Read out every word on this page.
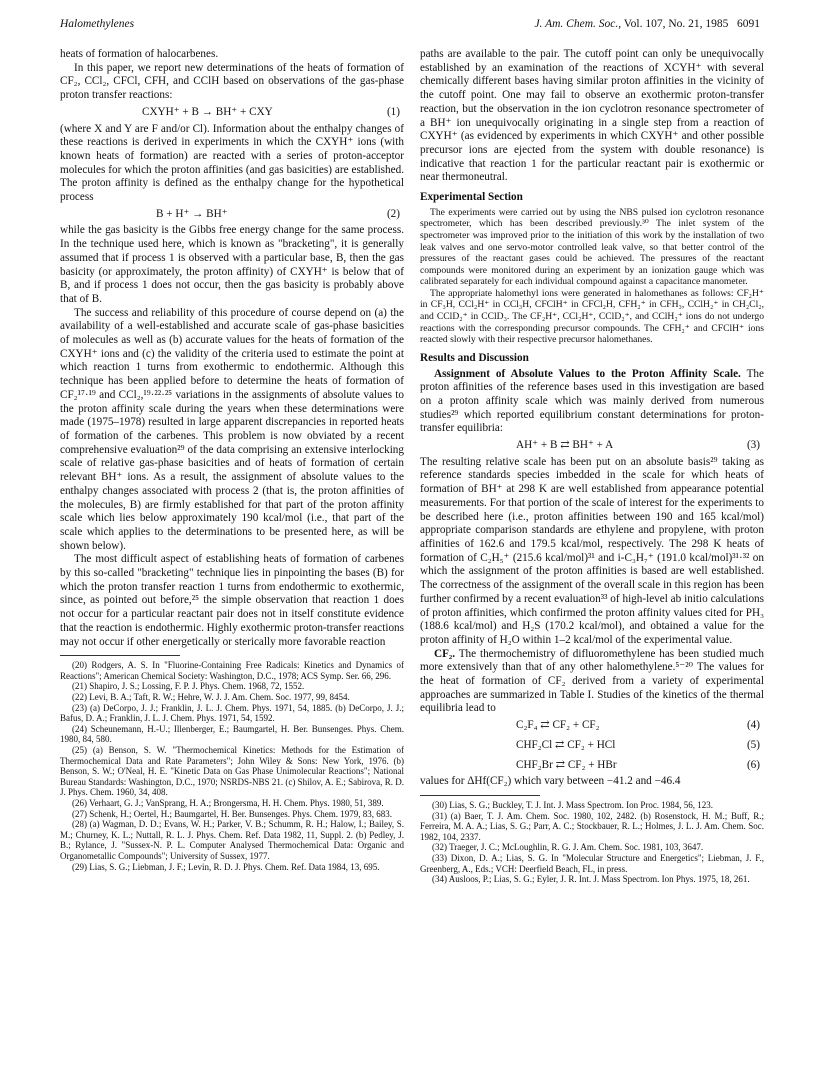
Halomethylenes	J. Am. Chem. Soc., Vol. 107, No. 21, 1985 6091

heats of formation of halocarbenes.

In this paper, we report new determinations of the heats of formation of CF₂, CCl₂, CFCl, CFH, and CClH based on observations of the gas-phase proton transfer reactions:

CXYH⁺ + B → BH⁺ + CXY	(1)

(where X and Y are F and/or Cl). Information about the enthalpy changes of these reactions is derived in experiments in which the CXYH⁺ ions (with known heats of formation) are reacted with a series of proton-acceptor molecules for which the proton affinities (and gas basicities) are established. The proton affinity is defined as the enthalpy change for the hypothetical process

B + H⁺ → BH⁺	(2)

while the gas basicity is the Gibbs free energy change for the same process. In the technique used here, which is known as "bracketing", it is generally assumed that if process 1 is observed with a particular base, B, then the gas basicity (or approximately, the proton affinity) of CXYH⁺ is below that of B, and if process 1 does not occur, then the gas basicity is probably above that of B.

The success and reliability of this procedure of course depend on (a) the availability of a well-established and accurate scale of gas-phase basicities of molecules as well as (b) accurate values for the heats of formation of the CXYH⁺ ions and (c) the validity of the criteria used to estimate the point at which reaction 1 turns from exothermic to endothermic. Although this technique has been applied before to determine the heats of formation of CF₂¹⁷·¹⁹ and CCl₂,¹⁹·²²·²⁵ variations in the assignments of absolute values to the proton affinity scale during the years when these determinations were made (1975–1978) resulted in large apparent discrepancies in reported heats of formation of the carbenes. This problem is now obviated by a recent comprehensive evaluation²⁹ of the data comprising an extensive interlocking scale of relative gas-phase basicities and of heats of formation of certain relevant BH⁺ ions. As a result, the assignment of absolute values to the enthalpy changes associated with process 2 (that is, the proton affinities of the molecules, B) are firmly established for that part of the proton affinity scale which lies below approximately 190 kcal/mol (i.e., that part of the scale which applies to the determinations to be presented here, as will be shown below).

The most difficult aspect of establishing heats of formation of carbenes by this so-called "bracketing" technique lies in pinpointing the bases (B) for which the proton transfer reaction 1 turns from endothermic to exothermic, since, as pointed out before,²⁵ the simple observation that reaction 1 does not occur for a particular reactant pair does not in itself constitute evidence that the reaction is endothermic. Highly exothermic proton-transfer reactions may not occur if other energetically or sterically more favorable reaction

(20) Rodgers, A. S. In "Fluorine-Containing Free Radicals: Kinetics and Dynamics of Reactions"; American Chemical Society: Washington, D.C., 1978; ACS Symp. Ser. 66, 296.

(21) Shapiro, J. S.; Lossing, F. P. J. Phys. Chem. 1968, 72, 1552.

(22) Levi, B. A.; Taft, R. W.; Hehre, W. J. J. Am. Chem. Soc. 1977, 99, 8454.

(23) (a) DeCorpo, J. J.; Franklin, J. L. J. Chem. Phys. 1971, 54, 1885. (b) DeCorpo, J. J.; Bafus, D. A.; Franklin, J. L. J. Chem. Phys. 1971, 54, 1592.

(24) Scheunemann, H.-U.; Illenberger, E.; Baumgartel, H. Ber. Bunsenges. Phys. Chem. 1980, 84, 580.

(25) (a) Benson, S. W. "Thermochemical Kinetics: Methods for the Estimation of Thermochemical Data and Rate Parameters"; John Wiley & Sons: New York, 1976. (b) Benson, S. W.; O'Neal, H. E. "Kinetic Data on Gas Phase Unimolecular Reactions"; National Bureau Standards: Washington, D.C., 1970; NSRDS-NBS 21. (c) Shilov, A. E.; Sabirova, R. D. J. Phys. Chem. 1960, 34, 408.

(26) Verhaart, G. J.; VanSprang, H. A.; Brongersma, H. H. Chem. Phys. 1980, 51, 389.

(27) Schenk, H.; Oertel, H.; Baumgartel, H. Ber. Bunsenges. Phys. Chem. 1979, 83, 683.

(28) (a) Wagman, D. D.; Evans, W. H.; Parker, V. B.; Schumm, R. H.; Halow, I.; Bailey, S. M.; Churney, K. L.; Nuttall, R. L. J. Phys. Chem. Ref. Data 1982, 11, Suppl. 2. (b) Pedley, J. B.; Rylance, J. "Sussex-N. P. L. Computer Analysed Thermochemical Data: Organic and Organometallic Compounds"; University of Sussex, 1977.

(29) Lias, S. G.; Liebman, J. F.; Levin, R. D. J. Phys. Chem. Ref. Data 1984, 13, 695.

paths are available to the pair. The cutoff point can only be unequivocally established by an examination of the reactions of XCYH⁺ with several chemically different bases having similar proton affinities in the vicinity of the cutoff point. One may fail to observe an exothermic proton-transfer reaction, but the observation in the ion cyclotron resonance spectrometer of a BH⁺ ion unequivocally originating in a single step from a reaction of CXYH⁺ (as evidenced by experiments in which CXYH⁺ and other possible precursor ions are ejected from the system with double resonance) is indicative that reaction 1 for the particular reactant pair is exothermic or near thermoneutral.

Experimental Section

The experiments were carried out by using the NBS pulsed ion cyclotron resonance spectrometer, which has been described previously.³⁰ The inlet system of the spectrometer was improved prior to the initiation of this work by the installation of two leak valves and one servo-motor controlled leak valve, so that better control of the pressures of the reactant gases could be achieved. The pressures of the reactant compounds were monitored during an experiment by an ionization gauge which was calibrated separately for each individual compound against a capacitance manometer.

The appropriate halomethyl ions were generated in halomethanes as follows: CF₂H⁺ in CF₃H, CCl₂H⁺ in CCl₃H, CFClH⁺ in CFCl₂H, CFH₂⁺ in CFH₃, CClH₂⁺ in CH₂Cl₂, and CClD₂⁺ in CClD₃. The CF₂H⁺, CCl₂H⁺, CClD₂⁺, and CClH₂⁺ ions do not undergo reactions with the corresponding precursor compounds. The CFH₂⁺ and CFClH⁺ ions reacted slowly with their respective precursor halomethanes.

Results and Discussion

Assignment of Absolute Values to the Proton Affinity Scale. The proton affinities of the reference bases used in this investigation are based on a proton affinity scale which was mainly derived from numerous studies²⁹ which reported equilibrium constant determinations for proton-transfer equilibria:

AH⁺ + B ⇄ BH⁺ + A	(3)

The resulting relative scale has been put on an absolute basis²⁹ taking as reference standards species imbedded in the scale for which heats of formation of BH⁺ at 298 K are well established from appearance potential measurements. For that portion of the scale of interest for the experiments to be described here (i.e., proton affinities between 190 and 165 kcal/mol) appropriate comparison standards are ethylene and propylene, with proton affinities of 162.6 and 179.5 kcal/mol, respectively. The 298 K heats of formation of C₂H₅⁺ (215.6 kcal/mol)³¹ and i-C₃H₇⁺ (191.0 kcal/mol)³¹·³² on which the assignment of the proton affinities is based are well established. The correctness of the assignment of the overall scale in this region has been further confirmed by a recent evaluation³³ of high-level ab initio calculations of proton affinities, which confirmed the proton affinity values cited for PH₃ (188.6 kcal/mol) and H₂S (170.2 kcal/mol), and obtained a value for the proton affinity of H₂O within 1–2 kcal/mol of the experimental value.

CF₂. The thermochemistry of difluoromethylene has been studied much more extensively than that of any other halomethylene.⁵⁻²⁰ The values for the heat of formation of CF₂ derived from a variety of experimental approaches are summarized in Table I. Studies of the kinetics of the thermal equilibria lead to

C₂F₄ ⇄ CF₂ + CF₂	(4)
CHF₂Cl ⇄ CF₂ + HCl	(5)
CHF₂Br ⇄ CF₂ + HBr	(6)

values for ΔHf(CF₂) which vary between −41.2 and −46.4

(30) Lias, S. G.; Buckley, T. J. Int. J. Mass Spectrom. Ion Proc. 1984, 56, 123.

(31) (a) Baer, T. J. Am. Chem. Soc. 1980, 102, 2482. (b) Rosenstock, H. M.; Buff, R.; Ferreira, M. A. A.; Lias, S. G.; Parr, A. C.; Stockbauer, R. L.; Holmes, J. L. J. Am. Chem. Soc. 1982, 104, 2337.

(32) Traeger, J. C.; McLoughlin, R. G. J. Am. Chem. Soc. 1981, 103, 3647.

(33) Dixon, D. A.; Lias, S. G. In "Molecular Structure and Energetics"; Liebman, J. F., Greenberg, A., Eds.; VCH: Deerfield Beach, FL, in press.

(34) Ausloos, P.; Lias, S. G.; Eyler, J. R. Int. J. Mass Spectrom. Ion Phys. 1975, 18, 261.
